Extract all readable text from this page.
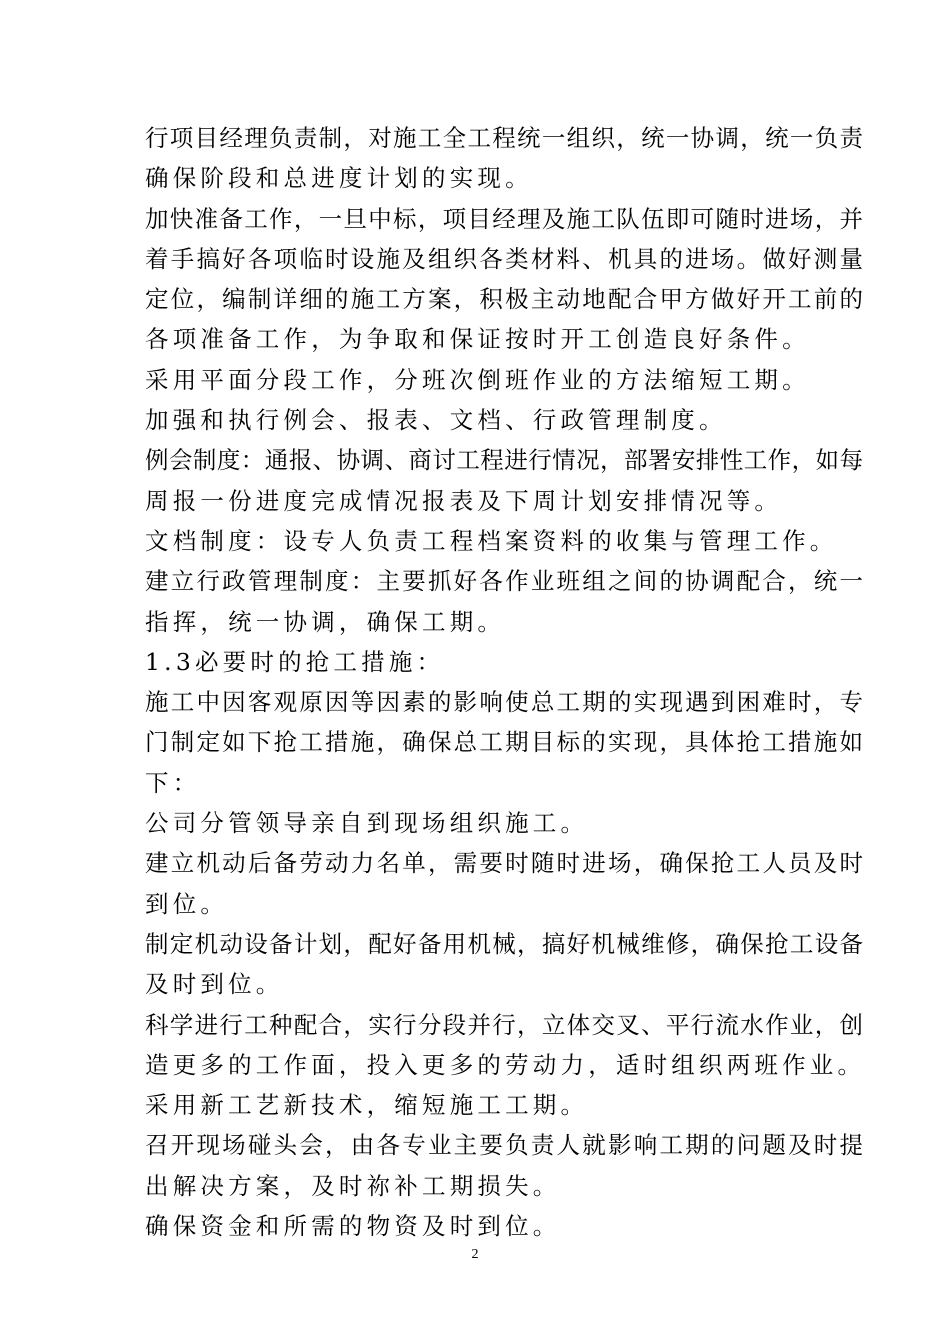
行项目经理负责制，对施工全工程统一组织，统一协调，统一负责
确保阶段和总进度计划的实现。
加快准备工作，一旦中标，项目经理及施工队伍即可随时进场，并
着手搞好各项临时设施及组织各类材料、机具的进场。做好测量
定位，编制详细的施工方案，积极主动地配合甲方做好开工前的
各项准备工作，为争取和保证按时开工创造良好条件。
采用平面分段工作，分班次倒班作业的方法缩短工期。
加强和执行例会、报表、文档、行政管理制度。
例会制度：通报、协调、商讨工程进行情况，部署安排性工作，如每
周报一份进度完成情况报表及下周计划安排情况等。
文档制度：设专人负责工程档案资料的收集与管理工作。
建立行政管理制度：主要抓好各作业班组之间的协调配合，统一
指挥，统一协调，确保工期。
1.3必要时的抢工措施：
施工中因客观原因等因素的影响使总工期的实现遇到困难时，专
门制定如下抢工措施，确保总工期目标的实现，具体抢工措施如
下：
公司分管领导亲自到现场组织施工。
建立机动后备劳动力名单，需要时随时进场，确保抢工人员及时
到位。
制定机动设备计划，配好备用机械，搞好机械维修，确保抢工设备
及时到位。
科学进行工种配合，实行分段并行，立体交叉、平行流水作业，创
造更多的工作面，投入更多的劳动力，适时组织两班作业。
采用新工艺新技术，缩短施工工期。
召开现场碰头会，由各专业主要负责人就影响工期的问题及时提
出解决方案，及时祢补工期损失。
确保资金和所需的物资及时到位。
2
